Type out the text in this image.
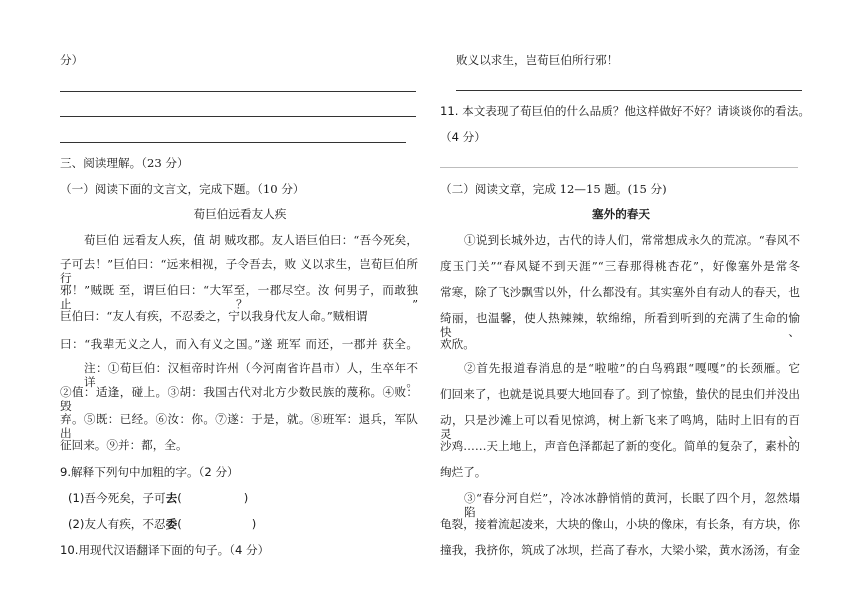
分）
三、阅读理解。（23 分）
（一）阅读下面的文言文，完成下题。（10 分）
荀巨伯远看友人疾
荀巨伯 远看友人疾，值 胡 贼攻郡。友人语巨伯曰：“吾今死矣，
子可去！”巨伯曰：“远来相视，子令吾去，败 义以求生，岂荀巨伯所行
邪！”贼既 至，谓巨伯曰：“大军至，一郡尽空。汝 何男子，而敢独止？”
巨伯曰：“友人有疾，不忍委之，宁以我身代友人命。”贼相谓
曰：“我辈无义之人，而入有义之国。”遂 班军 而还，一郡并 获全。
注：①荀巨伯：汉桓帝时许州（今河南省许昌市）人，生卒年不详。
②值：适逢，碰上。③胡：我国古代对北方少数民族的蔑称。④败：毁
弃。⑤既：已经。⑥汝：你。⑦遂：于是，就。⑧班军：退兵，军队出
征回来。⑨并：都，全。
9.解释下列句中加粗的字。（2 分）
(1)吾今死矣，子可去(	)
(2)友人有疾，不忍委(	)
10.用现代汉语翻译下面的句子。（4 分）
败义以求生，岂荀巨伯所行邪！
11. 本文表现了荀巨伯的什么品质？他这样做好不好？请谈谈你的看法。
（4 分）
（二）阅读文章，完成 12—15 题。(15 分)
塞外的春天
①说到长城外边，古代的诗人们，常常想成永久的荒凉。“春风不
度玉门关”“春风疑不到天涯”“三春那得桃杏花”，好像塞外是常冬
常寒，除了飞沙飘雪以外，什么都没有。其实塞外自有动人的春天，也
绮丽，也温馨，使人热辣辣，软绵绵，所看到听到的充满了生命的愉快、
欢欣。
②首先报道春消息的是“啦啦”的白鸟鸦跟“嘎嘎”的长颈雁。它
们回来了，也就是说具要大地回春了。到了惊蛰，蛰伏的昆虫们并没出
动，只是沙滩上可以看见惊鸿，树上新飞来了鸣鸠，陆时上旧有的百灵、
沙鸡……天上地上，声音色泽都起了新的变化。简单的复杂了，素朴的
绚烂了。
③“春分河自烂”，冷冰冰静悄悄的黄河，长眠了四个月，忽然塌陷
龟裂，接着流起凌来，大块的像山，小块的像床，有长条，有方块，你
撞我，我挤你，筑成了冰坝，拦高了春水，大梁小梁，黄水汤汤，有金
